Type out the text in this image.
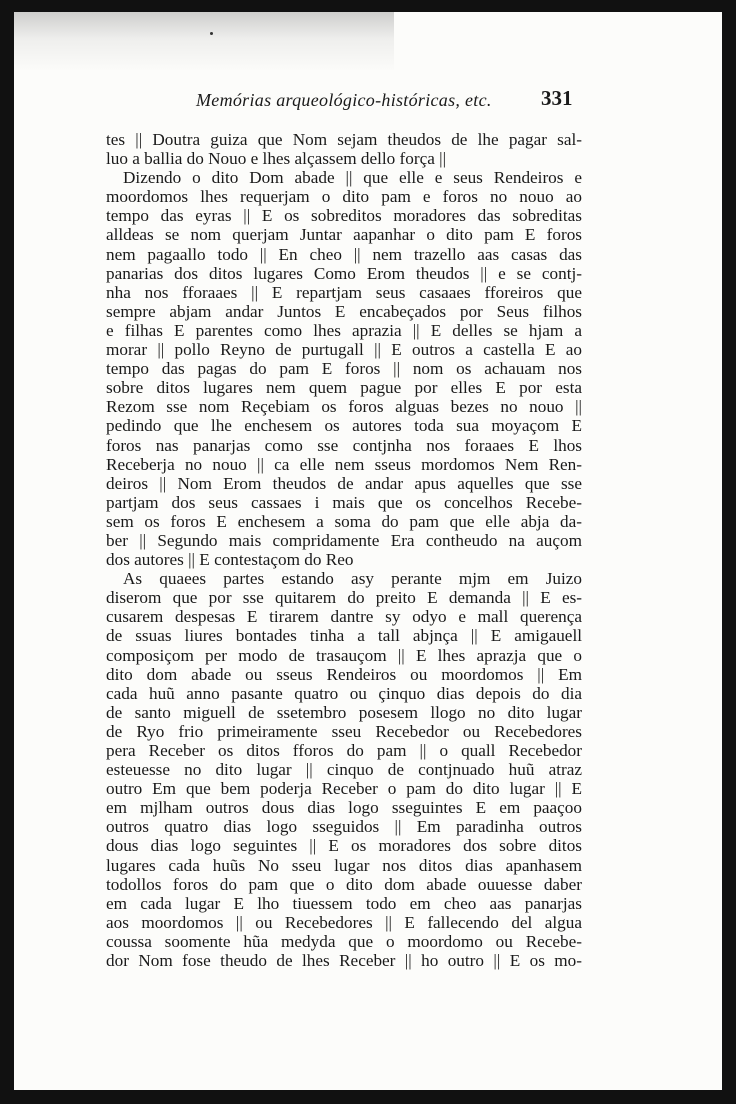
Memórias arqueológico-históricas, etc. 331
tes || Doutra guiza que Nom sejam theudos de lhe pagar sal-
luo a ballia do Nouo e lhes alçassem dello força ||
Dizendo o dito Dom abade || que elle e seus Rendeiros e
moordomos lhes requerjam o dito pam e foros no nouo ao
tempo das eyras || E os sobreditos moradores das sobreditas
alldeas se nom querjam Juntar aapanhar o dito pam E foros
nem pagaallo todo || En cheo || nem trazello aas casas das
panarias dos ditos lugares Como Erom theudos || e se contj-
nha nos fforaaes || E repartjam seus casaaes fforeiros que
sempre abjam andar Juntos E encabeçados por Seus filhos
e filhas E parentes como lhes aprazia || E delles se hjam a
morar || pollo Reyno de purtugall || E outros a castella E ao
tempo das pagas do pam E foros || nom os achauam nos
sobre ditos lugares nem quem pague por elles E por esta
Rezom sse nom Reçebiam os foros alguas bezes no nouo ||
pedindo que lhe enchesem os autores toda sua moyaçom E
foros nas panarjas como sse contjnha nos foraaes E lhos
Receberja no nouo || ca elle nem sseus mordomos Nem Ren-
deiros || Nom Erom theudos de andar apus aquelles que sse
partjam dos seus cassaes i mais que os concelhos Recebe-
sem os foros E enchesem a soma do pam que elle abja da-
ber || Segundo mais compridamente Era contheudo na auçom
dos autores || E contestaçom do Reo
As quaees partes estando asy perante mjm em Juizo
diserom que por sse quitarem do preito E demanda || E es-
cusarem despesas E tirarem dantre sy odyo e mall querença
de ssuas liures bontades tinha a tall abjnça || E amigauell
composiçom per modo de trasauçom || E lhes aprazja que o
dito dom abade ou sseus Rendeiros ou moordomos || Em
cada huũ anno pasante quatro ou çinquo dias depois do dia
de santo miguell de ssetembro posesem llogo no dito lugar
de Ryo frio primeiramente sseu Recebedor ou Recebedores
pera Receber os ditos fforos do pam || o quall Recebedor
esteuesse no dito lugar || cinquo de contjnuado huũ atraz
outro Em que bem poderja Receber o pam do dito lugar || E
em mjlham outros dous dias logo sseguintes E em paaçoo
outros quatro dias logo sseguidos || Em paradinha outros
dous dias logo seguintes || E os moradores dos sobre ditos
lugares cada huũs No sseu lugar nos ditos dias apanhasem
todollos foros do pam que o dito dom abade ouuesse daber
em cada lugar E lho tiuessem todo em cheo aas panarjas
aos moordomos || ou Recebedores || E fallecendo del algua
coussa soomente hũa medyda que o moordomo ou Recebe-
dor Nom fose theudo de lhes Receber || ho outro || E os mo-
